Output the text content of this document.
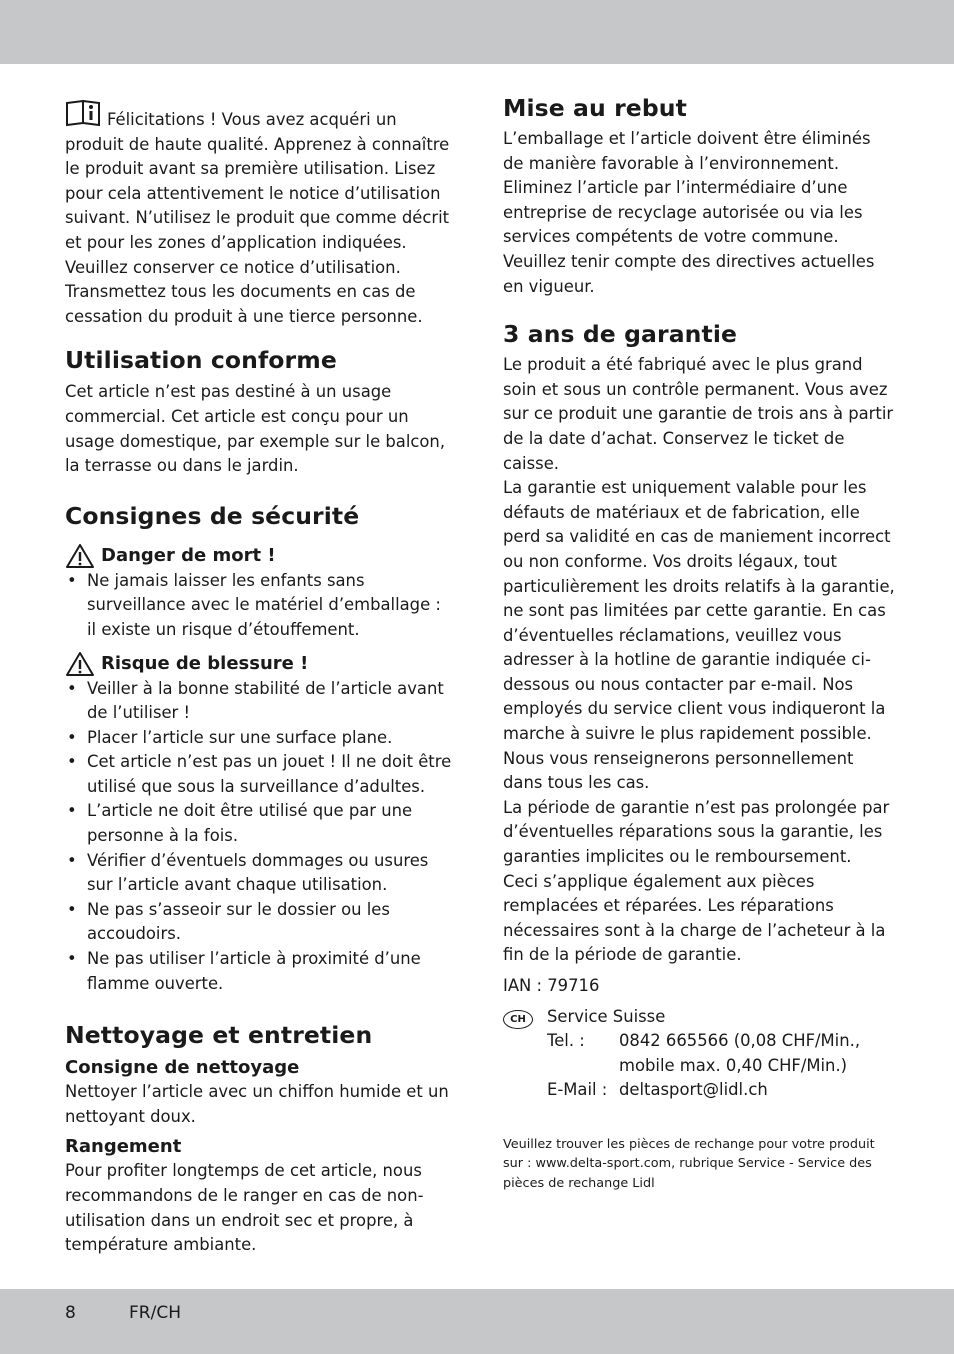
Félicitations ! Vous avez acquéri un produit de haute qualité. Apprenez à connaître le produit avant sa première utilisation. Lisez pour cela attentivement le notice d’utilisation suivant. N’utilisez le produit que comme décrit et pour les zones d’application indiquées. Veuillez conserver ce notice d’utilisation. Transmettez tous les documents en cas de cessation du produit à une tierce personne.

Utilisation conforme

Cet article n’est pas destiné à un usage commercial. Cet article est conçu pour un usage domestique, par exemple sur le balcon, la terrasse ou dans le jardin.

Consignes de sécurité
Danger de mort !
• Ne jamais laisser les enfants sans surveillance avec le matériel d’emballage : il existe un risque d’étouffement.
Risque de blessure !
• Veiller à la bonne stabilité de l’article avant de l’utiliser !
• Placer l’article sur une surface plane.
• Cet article n’est pas un jouet ! Il ne doit être utilisé que sous la surveillance d’adultes.
• L’article ne doit être utilisé que par une personne à la fois.
• Vérifier d’éventuels dommages ou usures sur l’article avant chaque utilisation.
• Ne pas s’asseoir sur le dossier ou les accoudoirs.
• Ne pas utiliser l’article à proximité d’une flamme ouverte.
Nettoyage et entretien
Consigne de nettoyage

Nettoyer l’article avec un chiffon humide et un nettoyant doux.

Rangement

Pour profiter longtemps de cet article, nous recommandons de le ranger en cas de non-utilisation dans un endroit sec et propre, à température ambiante.

Mise au rebut

L’emballage et l’article doivent être éliminés de manière favorable à l’environnement.

Eliminez l’article par l’intermédiaire d’une entreprise de recyclage autorisée ou via les services compétents de votre commune. Veuillez tenir compte des directives actuelles en vigueur.

3 ans de garantie

Le produit a été fabriqué avec le plus grand soin et sous un contrôle permanent. Vous avez sur ce produit une garantie de trois ans à partir de la date d’achat. Conservez le ticket de caisse.

La garantie est uniquement valable pour les défauts de matériaux et de fabrication, elle perd sa validité en cas de maniement incorrect ou non conforme. Vos droits légaux, tout particulièrement les droits relatifs à la garantie, ne sont pas limitées par cette garantie. En cas d’éventuelles réclamations, veuillez vous adresser à la hotline de garantie indiquée ci-dessous ou nous contacter par e-mail. Nos employés du service client vous indiqueront la marche à suivre le plus rapidement possible. Nous vous renseignerons personnellement dans tous les cas.

La période de garantie n’est pas prolongée par d’éventuelles réparations sous la garantie, les garanties implicites ou le remboursement.

Ceci s’applique également aux pièces remplacées et réparées. Les réparations nécessaires sont à la charge de l’acheteur à la fin de la période de garantie.

IAN : 79716

CH	Service Suisse
Tel. :	0842 665566 (0,08 CHF/Min., mobile max. 0,40 CHF/Min.)
E-Mail : deltasport@lidl.ch

Veuillez trouver les pièces de rechange pour votre produit sur : www.delta-sport.com, rubrique Service - Service des pièces de rechange Lidl

8	FR/CH
